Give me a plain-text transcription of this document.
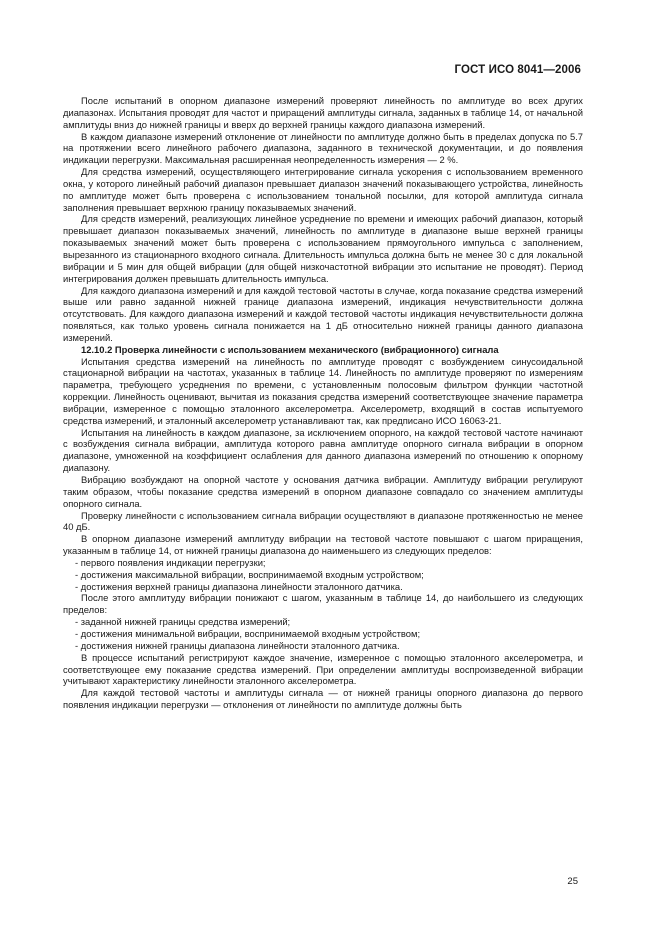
ГОСТ ИСО 8041—2006

После испытаний в опорном диапазоне измерений проверяют линейность по амплитуде во всех других диапазонах. Испытания проводят для частот и приращений амплитуды сигнала, заданных в таблице 14, от начальной амплитуды вниз до нижней границы и вверх до верхней границы каждого диапазона измерений.

В каждом диапазоне измерений отклонение от линейности по амплитуде должно быть в пределах допуска по 5.7 на протяжении всего линейного рабочего диапазона, заданного в технической документации, и до появления индикации перегрузки. Максимальная расширенная неопределенность измерения — 2 %.

Для средства измерений, осуществляющего интегрирование сигнала ускорения с использованием временного окна, у которого линейный рабочий диапазон превышает диапазон значений показывающего устройства, линейность по амплитуде может быть проверена с использованием тональной посылки, для которой амплитуда сигнала заполнения превышает верхнюю границу показываемых значений.

Для средств измерений, реализующих линейное усреднение по времени и имеющих рабочий диапазон, который превышает диапазон показываемых значений, линейность по амплитуде в диапазоне выше верхней границы показываемых значений может быть проверена с использованием прямоугольного импульса с заполнением, вырезанного из стационарного входного сигнала. Длительность импульса должна быть не менее 30 с для локальной вибрации и 5 мин для общей вибрации (для общей низкочастотной вибрации это испытание не проводят). Период интегрирования должен превышать длительность импульса.

Для каждого диапазона измерений и для каждой тестовой частоты в случае, когда показание средства измерений выше или равно заданной нижней границе диапазона измерений, индикация нечувствительности должна отсутствовать. Для каждого диапазона измерений и каждой тестовой частоты индикация нечувствительности должна появляться, как только уровень сигнала понижается на 1 дБ относительно нижней границы данного диапазона измерений.

12.10.2 Проверка линейности с использованием механического (вибрационного) сигнала

Испытания средства измерений на линейность по амплитуде проводят с возбуждением синусоидальной стационарной вибрации на частотах, указанных в таблице 14. Линейность по амплитуде проверяют по измерениям параметра, требующего усреднения по времени, с установленным полосовым фильтром функции частотной коррекции. Линейность оценивают, вычитая из показания средства измерений соответствующее значение параметра вибрации, измеренное с помощью эталонного акселерометра. Акселерометр, входящий в состав испытуемого средства измерений, и эталонный акселерометр устанавливают так, как предписано ИСО 16063-21.

Испытания на линейность в каждом диапазоне, за исключением опорного, на каждой тестовой частоте начинают с возбуждения сигнала вибрации, амплитуда которого равна амплитуде опорного сигнала вибрации в опорном диапазоне, умноженной на коэффициент ослабления для данного диапазона измерений по отношению к опорному диапазону.

Вибрацию возбуждают на опорной частоте у основания датчика вибрации. Амплитуду вибрации регулируют таким образом, чтобы показание средства измерений в опорном диапазоне совпадало со значением амплитуды опорного сигнала.

Проверку линейности с использованием сигнала вибрации осуществляют в диапазоне протяженностью не менее 40 дБ.

В опорном диапазоне измерений амплитуду вибрации на тестовой частоте повышают с шагом приращения, указанным в таблице 14, от нижней границы диапазона до наименьшего из следующих пределов:

- первого появления индикации перегрузки;

- достижения максимальной вибрации, воспринимаемой входным устройством;

- достижения верхней границы диапазона линейности эталонного датчика.

После этого амплитуду вибрации понижают с шагом, указанным в таблице 14, до наибольшего из следующих пределов:

- заданной нижней границы средства измерений;

- достижения минимальной вибрации, воспринимаемой входным устройством;

- достижения нижней границы диапазона линейности эталонного датчика.

В процессе испытаний регистрируют каждое значение, измеренное с помощью эталонного акселерометра, и соответствующее ему показание средства измерений. При определении амплитуды воспроизведенной вибрации учитывают характеристику линейности эталонного акселерометра.

Для каждой тестовой частоты и амплитуды сигнала — от нижней границы опорного диапазона до первого появления индикации перегрузки — отклонения от линейности по амплитуде должны быть

25
